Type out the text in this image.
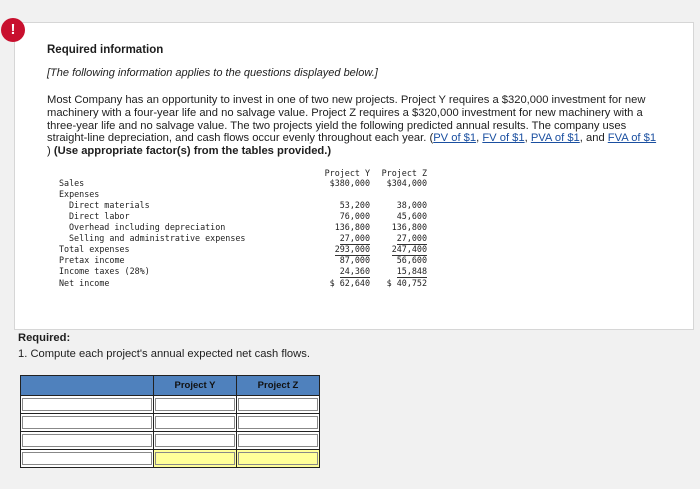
!
Required information
[The following information applies to the questions displayed below.]
Most Company has an opportunity to invest in one of two new projects. Project Y requires a $320,000 investment for new machinery with a four-year life and no salvage value. Project Z requires a $320,000 investment for new machinery with a three-year life and no salvage value. The two projects yield the following predicted annual results. The company uses straight-line depreciation, and cash flows occur evenly throughout each year. (PV of $1, FV of $1, PVA of $1, and FVA of $1
) (Use appropriate factor(s) from the tables provided.)
Project Y Project Z
Sales	$380,000 $304,000
Expenses
Direct materials	53,200	38,000
Direct labor	76,000	45,600
Overhead including depreciation	136,800	136,800
Selling and administrative expenses	27,000	27,000
Total expenses	293,000	247,400
Pretax income	87,000	56,600
Income taxes (28%)	24,360	15,848
Net income	$ 62,640 $ 40,752
Required:
1. Compute each project's annual expected net cash flows.
	Project Y	Project Z
